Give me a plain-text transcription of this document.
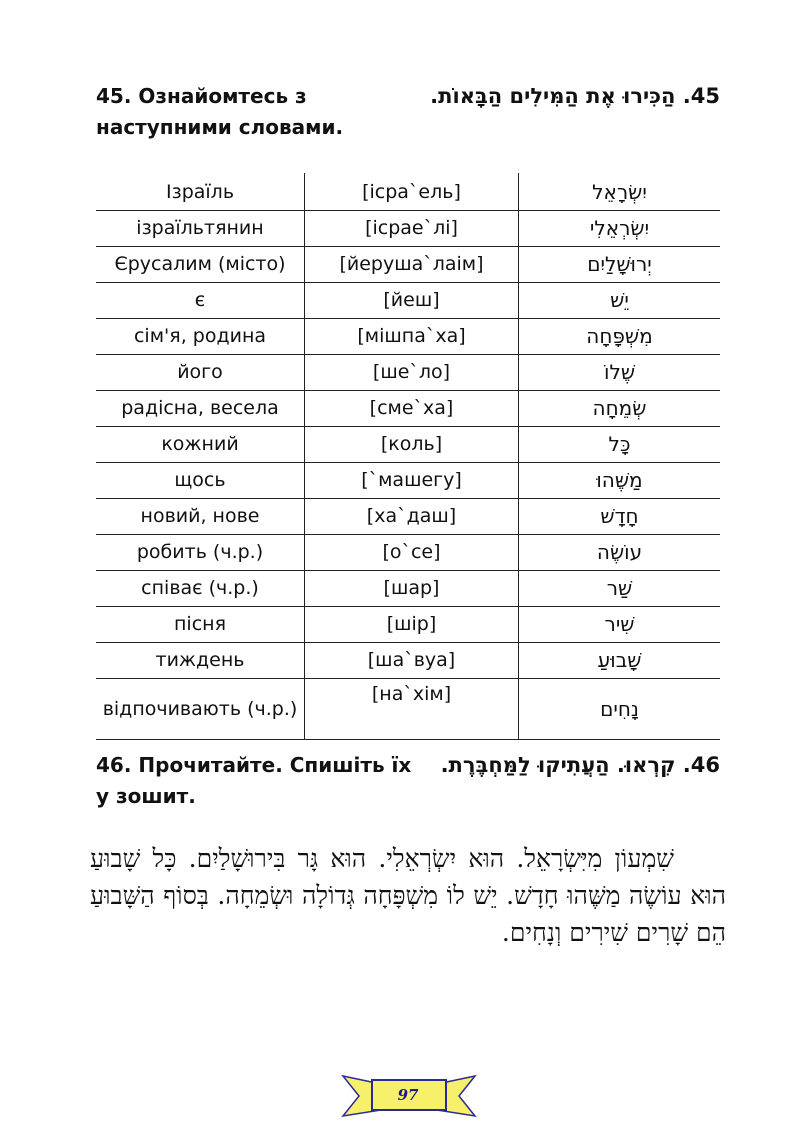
45. Ознайомтесь з наступними словами.
45. הַכִּירוּ אֶת הַמִּילִים הַבָּאוֹת.
Ізраїль	[ісра`ель]	יִשְׂרָאֵל
ізраїльтянин	[ісрае`лі]	יִשְׂרְאֵלִי
Єрусалим (місто)	[йеруша`лаім]	יְרוּשָׁלַיִם
є	[йеш]	יֵשׁ
сім'я, родина	[мішпа`ха]	מִשְׁפָּחָה
його	[ше`ло]	שֶׁלוֹ
радісна, весела	[сме`ха]	שְׂמֵחָה
кожний	[коль]	כָּל
щось	[`машегу]	מַשֶּׁהוּ
новий, нове	[ха`даш]	חָדָשׁ
робить (ч.р.)	[о`се]	עוֹשֶׂה
співає (ч.р.)	[шар]	שַׁר
пісня	[шір]	שִׁיר
тиждень	[ша`вуа]	שָׁבוּעַ
відпочивають (ч.р.)	[на`хім]	נָחִים
46. Прочитайте. Спишіть їх у зошит.
46. קִרְאוּ. הַעֲתִיקוּ לַמַּחְבֶּרֶת.

שִׁמְעוֹן מִיִּשְׂרָאֵל. הוּא יִשְׂרְאֵלִי. הוּא גָּר בִּירוּשָׁלַיִם. כָּל שָׁבוּעַ הוּא עוֹשֶׂה מַשֶּׁהוּ חָדָשׁ. יֵשׁ לוֹ מִשְׁפָּחָה גְּדוֹלָה וּשְׂמֵחָה. בְּסוֹף הַשָּׁבוּעַ הֵם שָׁרִים שִׁירִים וְנָחִים.

97
